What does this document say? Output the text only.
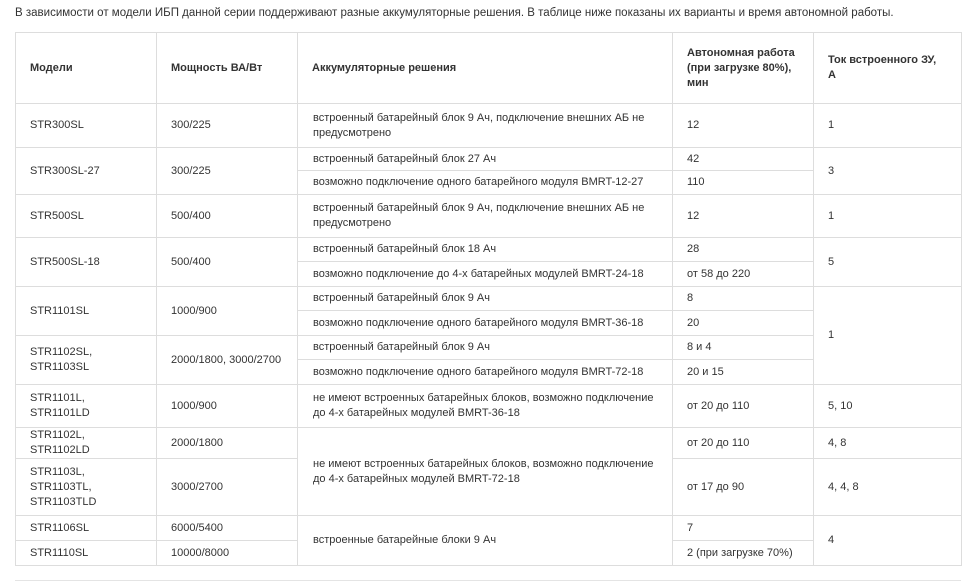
В зависимости от модели ИБП данной серии поддерживают разные аккумуляторные решения. В таблице ниже показаны их варианты и время автономной работы.
Модели	Мощность ВА/Вт	Аккумуляторные решения	Автономная работа
(при загрузке 80%),
мин	Ток встроенного ЗУ, А
STR300SL	300/225	встроенный батарейный блок 9 Ач, подключение внешних АБ не
предусмотрено	12	1
STR300SL-27	300/225	встроенный батарейный блок 27 Ач	42	3
		возможно подключение одного батарейного модуля BMRT-12-27	110	
STR500SL	500/400	встроенный батарейный блок 9 Ач, подключение внешних АБ не
предусмотрено	12	1
STR500SL-18	500/400	встроенный батарейный блок 18 Ач	28	5
		возможно подключение до 4-х батарейных модулей BMRT-24-18	от 58 до 220	
STR1101SL	1000/900	встроенный батарейный блок 9 Ач	8	1
		возможно подключение одного батарейного модуля BMRT-36-18	20	

STR1102SL,
STR1103SL	2000/1800, 3000/2700	встроенный батарейный блок 9 Ач	8 и 4	
		возможно подключение одного батарейного модуля BMRT-72-18	20 и 15	
STR1101L, STR1101LD	1000/900	не имеют встроенных батарейных блоков, возможно подключение
до 4-х батарейных модулей BMRT-36-18	от 20 до 110	5, 10
STR1102L, STR1102LD	2000/1800	не имеют встроенных батарейных блоков, возможно подключение
до 4-х батарейных модулей BMRT-72-18	от 20 до 110	4, 8

STR1103L,
STR1103TL,
STR1103TLD	3000/2700		от 17 до 90	4, 4, 8
STR1106SL	6000/5400	встроенные батарейные блоки 9 Ач	7	4
STR1110SL	10000/8000		2 (при загрузке 70%)	
